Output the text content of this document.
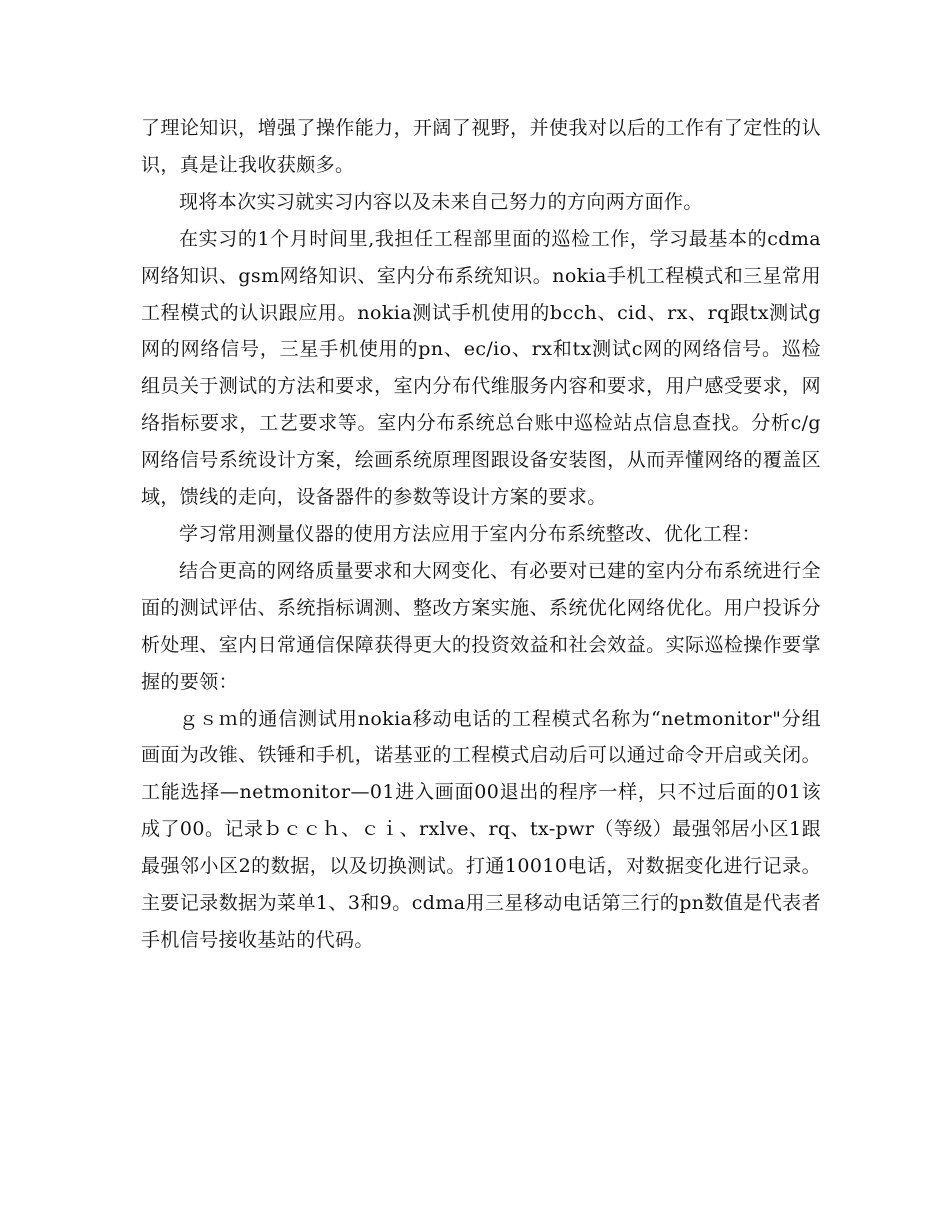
了理论知识，增强了操作能力，开阔了视野，并使我对以后的工作有了定性的认识，真是让我收获颇多。

现将本次实习就实习内容以及未来自己努力的方向两方面作。

在实习的1个月时间里,我担任工程部里面的巡检工作，学习最基本的cdma网络知识、gsm网络知识、室内分布系统知识。nokia手机工程模式和三星常用工程模式的认识跟应用。nokia测试手机使用的bcch、cid、rx、rq跟tx测试g网的网络信号，三星手机使用的pn、ec/io、rx和tx测试c网的网络信号。巡检组员关于测试的方法和要求，室内分布代维服务内容和要求，用户感受要求，网络指标要求，工艺要求等。室内分布系统总台账中巡检站点信息查找。分析c/g网络信号系统设计方案，绘画系统原理图跟设备安装图，从而弄懂网络的覆盖区域，馈线的走向，设备器件的参数等设计方案的要求。

学习常用测量仪器的使用方法应用于室内分布系统整改、优化工程：

结合更高的网络质量要求和大网变化、有必要对已建的室内分布系统进行全面的测试评估、系统指标调测、整改方案实施、系统优化网络优化。用户投诉分析处理、室内日常通信保障获得更大的投资效益和社会效益。实际巡检操作要掌握的要领：

ｇｓｍ的通信测试用nokia移动电话的工程模式名称为“netmonitor"分组画面为改锥、铁锤和手机，诺基亚的工程模式启动后可以通过命令开启或关闭。工能选择—netmonitor—01进入画面00退出的程序一样，只不过后面的01该成了00。记录ｂｃｃｈ、ｃｉ、rxlve、rq、tx-pwr（等级）最强邻居小区1跟最强邻小区2的数据，以及切换测试。打通10010电话，对数据变化进行记录。主要记录数据为菜单1、3和9。cdma用三星移动电话第三行的pn数值是代表者手机信号接收基站的代码。
